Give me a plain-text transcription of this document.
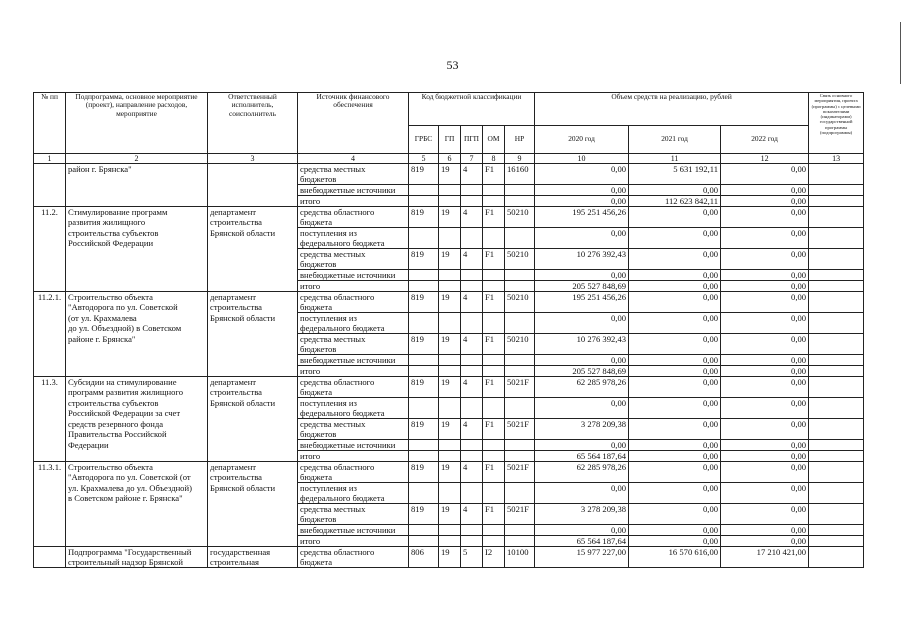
53
№ пп	Подпрограмма, основное мероприятие (проект), направление расходов, мероприятие	Ответственный исполнитель, соисполнитель	Источник финансового обеспечения	Код бюджетной классификации					Объем средств на реализацию, рублей			Связь основного мероприятия, проекта (программы) с целевыми показателями (индикаторами) государственной программы (подпрограммы)
				ГРБС	ГП	ПГП	ОМ	НР	2020 год	2021 год	2022 год	
1	2	3	4	5	6	7	8	9	10	11	12	13
	район г. Брянска"		средства местных	819	19	4	F1	16160	0,00	5 631 192,11	0,00	
			бюджетов									
			внебюджетные источники						0,00	0,00	0,00	
			итого						0,00	112 623 842,11	0,00	
11.2.	Стимулирование программ	департамент	средства областного	819	19	4	F1	50210	195 251 456,26	0,00	0,00	
	развития жилищного	строительства	бюджета									
	строительства субъектов	Брянской области	поступления из						0,00	0,00	0,00	
	Российской Федерации		федерального бюджета									
			средства местных	819	19	4	F1	50210	10 276 392,43	0,00	0,00	
			бюджетов									
			внебюджетные источники						0,00	0,00	0,00	
			итого						205 527 848,69	0,00	0,00	
11.2.1.	Строительство объекта	департамент	средства областного	819	19	4	F1	50210	195 251 456,26	0,00	0,00	
	"Автодорога по ул. Советской	строительства	бюджета									
	(от ул. Крахмалева	Брянской области	поступления из						0,00	0,00	0,00	
	до ул. Объездной) в Советском		федерального бюджета									
	районе г. Брянска"		средства местных	819	19	4	F1	50210	10 276 392,43	0,00	0,00	
			бюджетов									
			внебюджетные источники						0,00	0,00	0,00	
			итого						205 527 848,69	0,00	0,00	
11.3.	Субсидии на стимулирование	департамент	средства областного	819	19	4	F1	5021F	62 285 978,26	0,00	0,00	
	программ развития жилищного	строительства	бюджета									
	строительства субъектов	Брянской области	поступления из						0,00	0,00	0,00	
	Российской Федерации за счет		федерального бюджета									
	средств резервного фонда		средства местных	819	19	4	F1	5021F	3 278 209,38	0,00	0,00	
	Правительства Российской		бюджетов									
	Федерации		внебюджетные источники						0,00	0,00	0,00	
			итого						65 564 187,64	0,00	0,00	
11.3.1.	Строительство объекта	департамент	средства областного	819	19	4	F1	5021F	62 285 978,26	0,00	0,00	
	"Автодорога по ул. Советской (от	строительства	бюджета									
	ул. Крахмалева до ул. Объездной)	Брянской области	поступления из						0,00	0,00	0,00	
	в Советском районе г. Брянска"		федерального бюджета									
			средства местных	819	19	4	F1	5021F	3 278 209,38	0,00	0,00	
			бюджетов									
			внебюджетные источники						0,00	0,00	0,00	
			итого						65 564 187,64	0,00	0,00	
	Подпрограмма "Государственный	государственная	средства областного	806	19	5	I2	10100	15 977 227,00	16 570 616,00	17 210 421,00	
	строительный надзор Брянской	строительная	бюджета									
